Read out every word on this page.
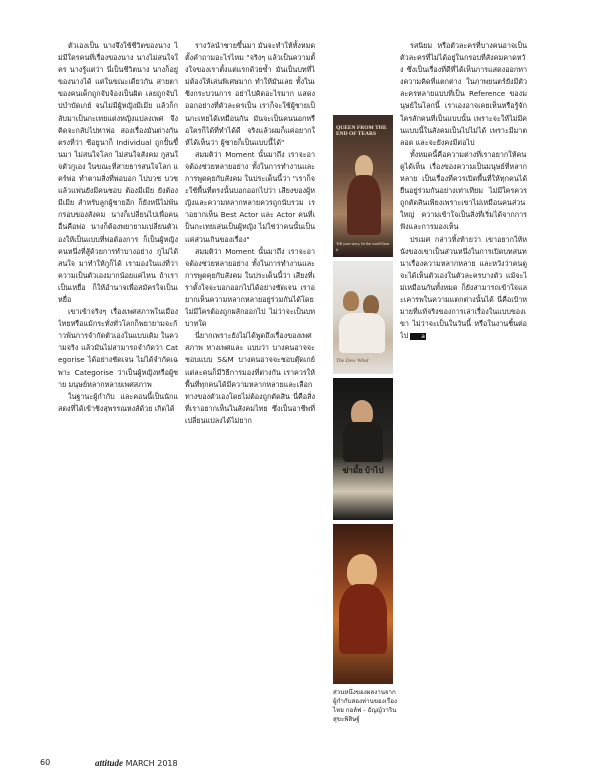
ตัวเองเป็น นางจึงใช้ชีวิตของนาง ไม่มีใครคนที่เรื่องของนาง นางไม่สนใจใคร นางรู้แต่ว่า นี่เป็นชีวิตนาง นางก็อยู่ของนางได้ แต่ในขณะเดียวกัน สายตาของคนเด็กถูกจับจ้องเป็นผิด เลยถูกจับไปบำบัดเกย์ จนไม่มีผู้หญิงมีเมีย แล้วก็กลับมาเป็นกะเทยแต่งหญิงแปลงเพศ จึงคิดจะกลับไปหาพ่อ สองเรื่องมันต่างกันตรงที่ว่า ซีอยูนาก็ Individual ถูกปั้นขึ้นมา ไม่สนใจโลก ไม่สนใจสังคม กูสนใจตัวกูเอง ในขณะที่สายธารสนใจโลก แคร์พ่อ ทำตามสิ่งที่พ่อบอก ไปบวช บวชแล้วแฟนยังมีคนชอบ ต้องมีเมีย ยังต้องมีเมีย สำหรับลูกผู้ชายอีก ก็ยังหนีไม่พ้นกรอบของสังคม นางก็เปลี่ยนไปเพื่อคนอื่นคือพ่อ นางก็ต้องพยายามเปลี่ยนตัวเองให้เป็นแบบที่พ่อต้องการ ก็เป็นผู้หญิงคนหนึ่งที่สู้ด้วยการทำบางอย่าง กูไม่ได้สนใจ มาทำให้กูก็ได้ เรามองในแง่ที่ว่า ความเป็นตัวเองมากน้อยแค่ไหน ถ้าเราเป็นเหยื่อ ก็ให้อำนาจเพื่อสมัครใจเป็นเหยื่อ

เขาเข้าจริงๆ เรื่องเพศสภาพในเมืองไทยหรือแม้กระทั่งทั่วโลกก็พยายามจะก้าวพ้นการจำกัดตัวเองในแบบเดิม ในความจริง แล้วมันไม่สามารถจำกัดว่า Categorise ได้อย่างชัดเจน ไม่ได้จำกัดเฉพาะ Categorise ว่าเป็นผู้หญิงหรือผู้ชาย มนุษย์หลากหลายเพศสภาพ

ในฐานะผู้กำกับ และคอนนี้เป็นนักแสดงที่ได้เข้าชิงสุพรรณหงส์ด้วย เกิดได้

รางวัลนำชายขึ้นมา มันจะทำให้ทั้งหมดตั้งคำถามอะไรไหม "จริงๆ แล้วเป็นความตั้งใจของเราตั้งแต่แรกด้วยซ้ำ มันเป็นบทที่ไม่ต้องให้เล่นพิเศษมาก ทำให้มันเลย ทั้งในเชิงกระบวนการ อย่าไปคิดอะไรมาก แสดงออกอย่างที่ตัวละครเป็น เราก็จะใช้ผู้ชายเป็นกะเทยได้เหมือนกัน มันจะเป็นคนนอกหรือใครก็ได้ที่ทำได้ดี จริงแล้วผมก็แค่อยากให้ได้เห็นว่า ผู้ชายก็เป็นแบบนี้ได้"

สมมติว่า Moment นั้นมาถึง เราจะอาจต้องช่วยหลายอย่าง ทั้งในการทำงานและการพูดคุยกับสังคม ในประเด็นนี้ว่า "เราก็จะใช้พื้นที่ตรงนั้นบอกออกไปว่า เสียงของผู้หญิงและความหลากหลายควรถูกนับรวม เราอยากเห็น Best Actor และ Actor คนที่เป็นกะเทยเล่นเป็นผู้หญิง ไม่ใช่ว่าคนนั้นเป็นแค่ส่วนเกินของเรื่อง"

สมมติว่า Moment นั้นมาถึง เราจะอาจต้องช่วยหลายอย่าง ทั้งในการทำงานและการพูดคุยกับสังคม ในประเด็นนี้ว่า เสียงที่เราตั้งใจจะบอกออกไปได้อย่างชัดเจน เราอยากเห็นความหลากหลายอยู่ร่วมกันได้โดยไม่มีใครต้องถูกผลักออกไป ไม่ว่าจะเป็นบทบาทใด

นี่ยากเพราะยังไม่ได้พูดถึงเรื่องของเพศสภาพ ทางเพศและ แบบว่า บางคนอาจจะชอบแบบ S&M บางคนอาจจะชอบตุ๊ดเกย์ แต่ละคนก็มีวิธีการมองที่ต่างกัน เราควรให้พื้นที่ทุกคนได้มีความหลากหลายและเลือกทางของตัวเองโดยไม่ต้องถูกตัดสิน นี่คือสิ่งที่เราอยากเห็นในสังคมไทย ซึ่งเป็นอาชีพที่เปลี่ยนแปลงได้ไม่ยาก

QUEEN FROM THE END OF TEARS
Tell your story, let the world hear it
The Dew Wind
ฆ่ามั้ย บ้าไป
ส่วนหนึ่งของผลงานจากผู้กำกับสองท่านของเรื่องไทย กอล์ฟ - ธัญญ์วาริน สุขะพิสิษฐ์

รสนิยม หรือตัวละครที่บางคนอาจเป็นตัวละครที่ไม่ได้อยู่ในกรอบที่สังคมคาดหวัง ซึ่งเป็นเรื่องที่ดีที่ได้เห็นการแสดงออกทางความคิดที่แตกต่าง ในภาพยนตร์ยังมีตัวละครหลายแบบที่เป็น Reference ของมนุษย์ในโลกนี้ เราเองอาจเคยเห็นหรือรู้จักใครสักคนที่เป็นแบบนั้น เพราะจะให้ไม่มีคนแบบนี้ในสังคมเป็นไปไม่ได้ เพราะมีมาตลอด และจะยังคงมีต่อไป

ทั้งหมดนี้คือความต่างที่เราอยากให้คนดูได้เห็น เรื่องของความเป็นมนุษย์ที่หลากหลาย เป็นเรื่องที่ควรเปิดพื้นที่ให้ทุกคนได้ยืนอยู่ร่วมกันอย่างเท่าเทียม ไม่มีใครควรถูกตัดสินเพียงเพราะเขาไม่เหมือนคนส่วนใหญ่ ความเข้าใจเป็นสิ่งที่เริ่มได้จากการฟังและการมองเห็น

ปรเมศ กล่าวทิ้งท้ายว่า เขาอยากให้หนังของเขาเป็นส่วนหนึ่งในการเปิดบทสนทนาเรื่องความหลากหลาย และหวังว่าคนดูจะได้เห็นตัวเองในตัวละครบางตัว แม้จะไม่เหมือนกันทั้งหมด ก็ยังสามารถเข้าใจและเคารพในความแตกต่างนั้นได้ นี่คือเป้าหมายที่แท้จริงของการเล่าเรื่องในแบบของเขา ไม่ว่าจะเป็นในวันนี้ หรือในงานชิ้นต่อไป a

60	attitude MARCH 2018
